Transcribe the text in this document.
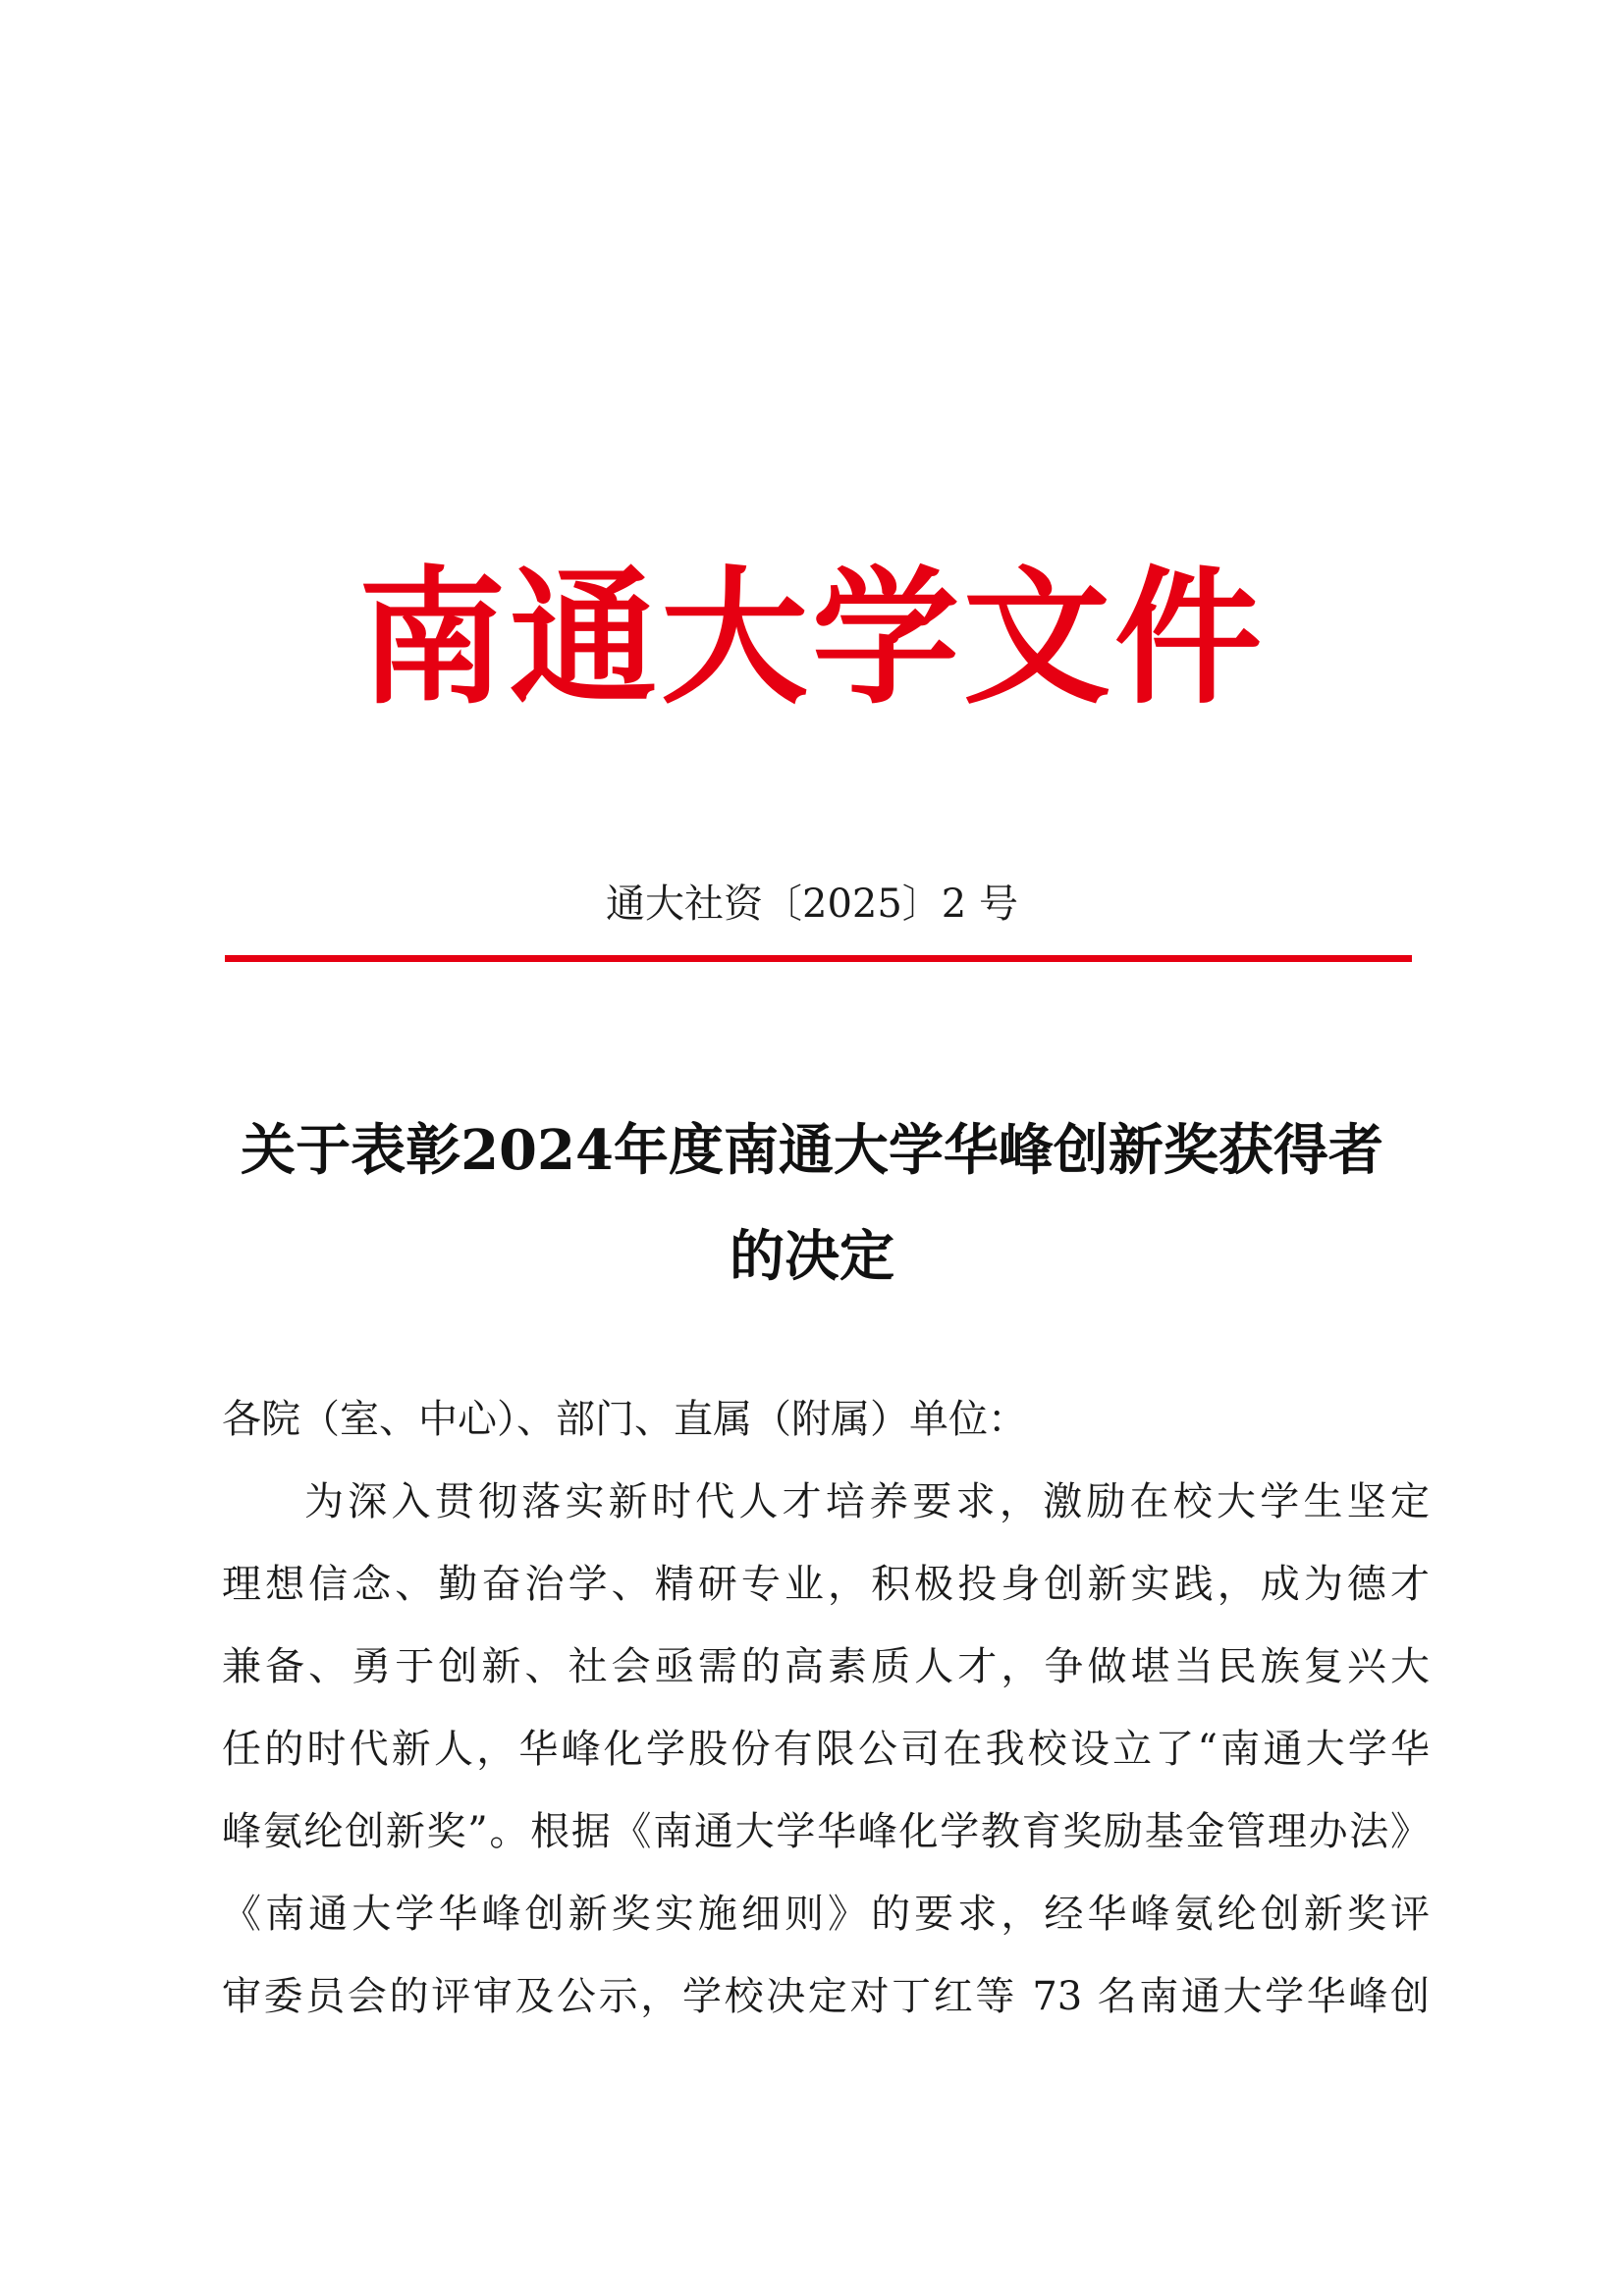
南通大学文件
通大社资〔2025〕2 号
关于表彰2024年度南通大学华峰创新奖获得者
的决定
各院（室、中心）、部门、直属（附属）单位：
为深入贯彻落实新时代人才培养要求，激励在校大学生坚定
理想信念、勤奋治学、精研专业，积极投身创新实践，成为德才
兼备、勇于创新、社会亟需的高素质人才，争做堪当民族复兴大
任的时代新人，华峰化学股份有限公司在我校设立了“南通大学华
峰氨纶创新奖”。根据《南通大学华峰化学教育奖励基金管理办法》
《南通大学华峰创新奖实施细则》的要求，经华峰氨纶创新奖评
审委员会的评审及公示，学校决定对丁红等 73 名南通大学华峰创
